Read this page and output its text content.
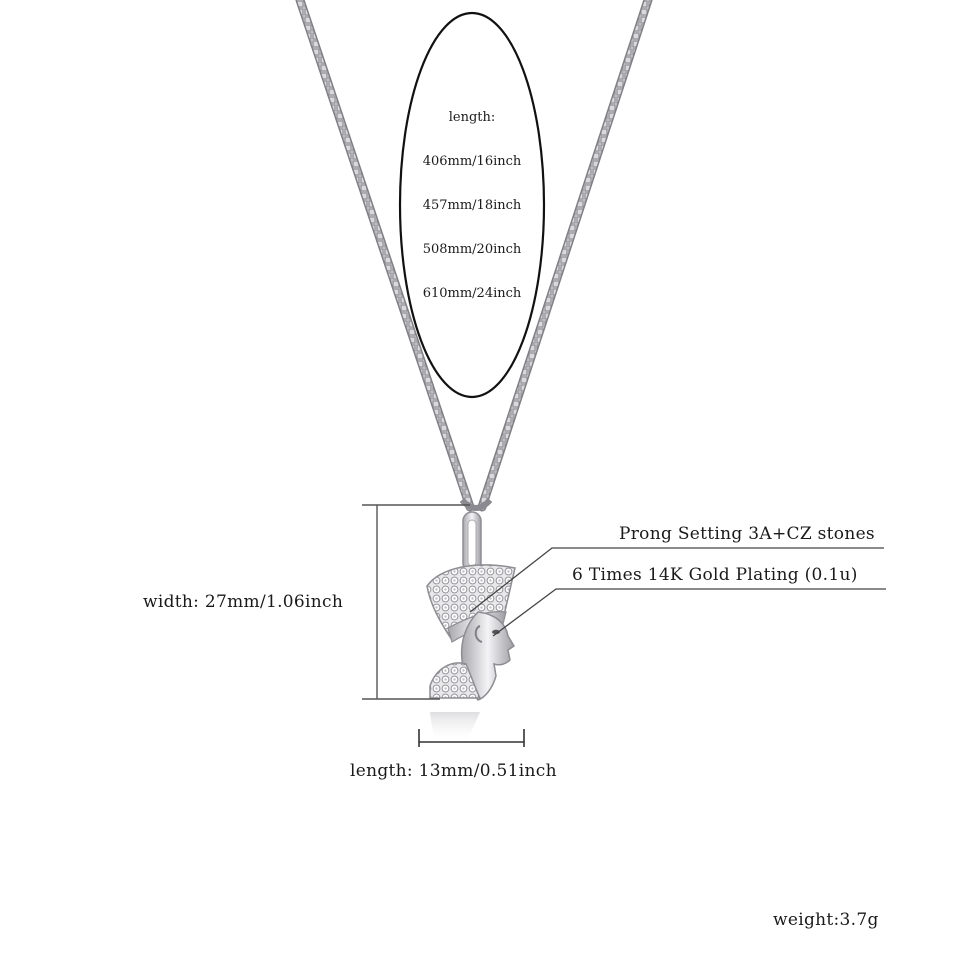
length:
406mm/16inch
457mm/18inch
508mm/20inch
610mm/24inch
Prong Setting 3A+CZ stones
6 Times 14K Gold Plating (0.1u)
width: 27mm/1.06inch
length: 13mm/0.51inch
weight:3.7g
